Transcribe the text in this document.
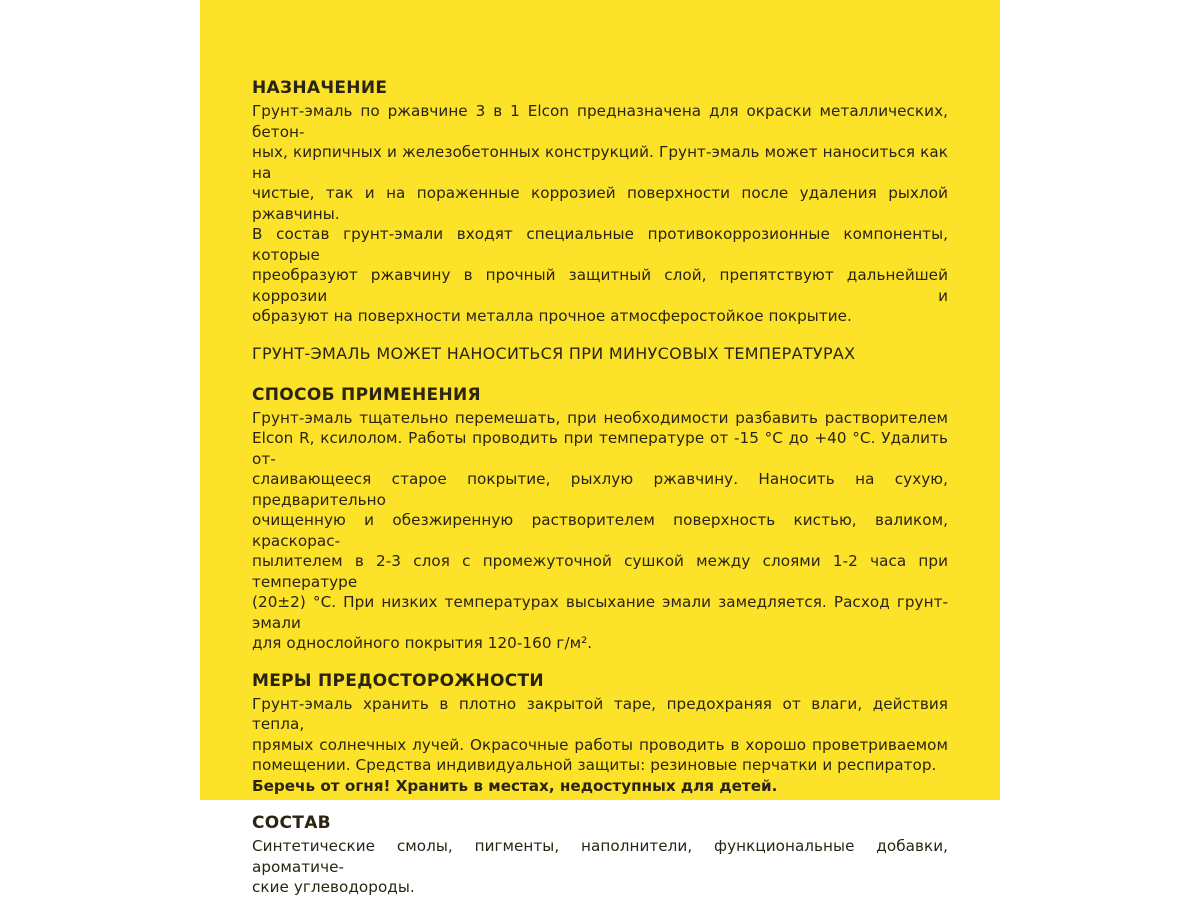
НАЗНАЧЕНИЕ
Грунт-эмаль по ржавчине 3 в 1 Elcon предназначена для окраски металлических, бетон-
ных, кирпичных и железобетонных конструкций. Грунт-эмаль может наноситься как на
чистые, так и на пораженные коррозией поверхности после удаления рыхлой ржавчины.
В состав грунт-эмали входят специальные противокоррозионные компоненты, которые
преобразуют ржавчину в прочный защитный слой, препятствуют дальнейшей коррозии и
образуют на поверхности металла прочное атмосферостойкое покрытие.
ГРУНТ-ЭМАЛЬ МОЖЕТ НАНОСИТЬСЯ ПРИ МИНУСОВЫХ ТЕМПЕРАТУРАХ
СПОСОБ ПРИМЕНЕНИЯ
Грунт-эмаль тщательно перемешать, при необходимости разбавить растворителем
Elcon R, ксилолом. Работы проводить при температуре от -15 °С до +40 °С. Удалить от-
слаивающееся старое покрытие, рыхлую ржавчину. Наносить на сухую, предварительно
очищенную и обезжиренную растворителем поверхность кистью, валиком, краскорас-
пылителем в 2-3 слоя с промежуточной сушкой между слоями 1-2 часа при температуре
(20±2) °С. При низких температурах высыхание эмали замедляется. Расход грунт-эмали
для однослойного покрытия 120-160 г/м².
МЕРЫ ПРЕДОСТОРОЖНОСТИ
Грунт-эмаль хранить в плотно закрытой таре, предохраняя от влаги, действия тепла,
прямых солнечных лучей. Окрасочные работы проводить в хорошо проветриваемом
помещении. Средства индивидуальной защиты: резиновые перчатки и респиратор.
Беречь от огня! Хранить в местах, недоступных для детей.
СОСТАВ
Синтетические смолы, пигменты, наполнители, функциональные добавки, ароматиче-
ские углеводороды.
